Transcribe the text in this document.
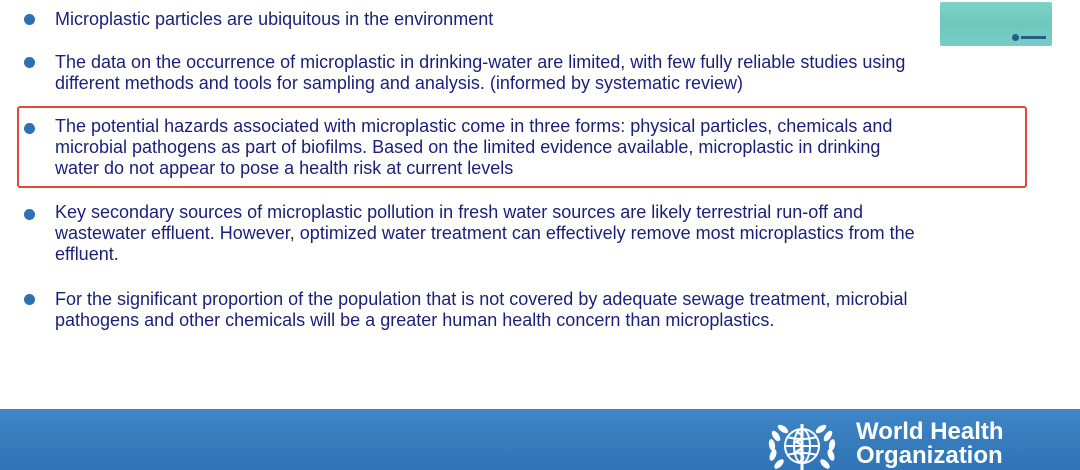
Microplastic particles are ubiquitous in the environment
The data on the occurrence of microplastic in drinking-water are limited, with few fully reliable studies using
different methods and tools for sampling and analysis. (informed by systematic review)
The potential hazards associated with microplastic come in three forms: physical particles, chemicals and
microbial pathogens as part of biofilms. Based on the limited evidence available, microplastic in drinking
water do not appear to pose a health risk at current levels
Key secondary sources of microplastic pollution in fresh water sources are likely terrestrial run-off and
wastewater effluent. However, optimized water treatment can effectively remove most microplastics from the
effluent.
For the significant proportion of the population that is not covered by adequate sewage treatment, microbial
pathogens and other chemicals will be a greater human health concern than microplastics.
World Health
Organization
